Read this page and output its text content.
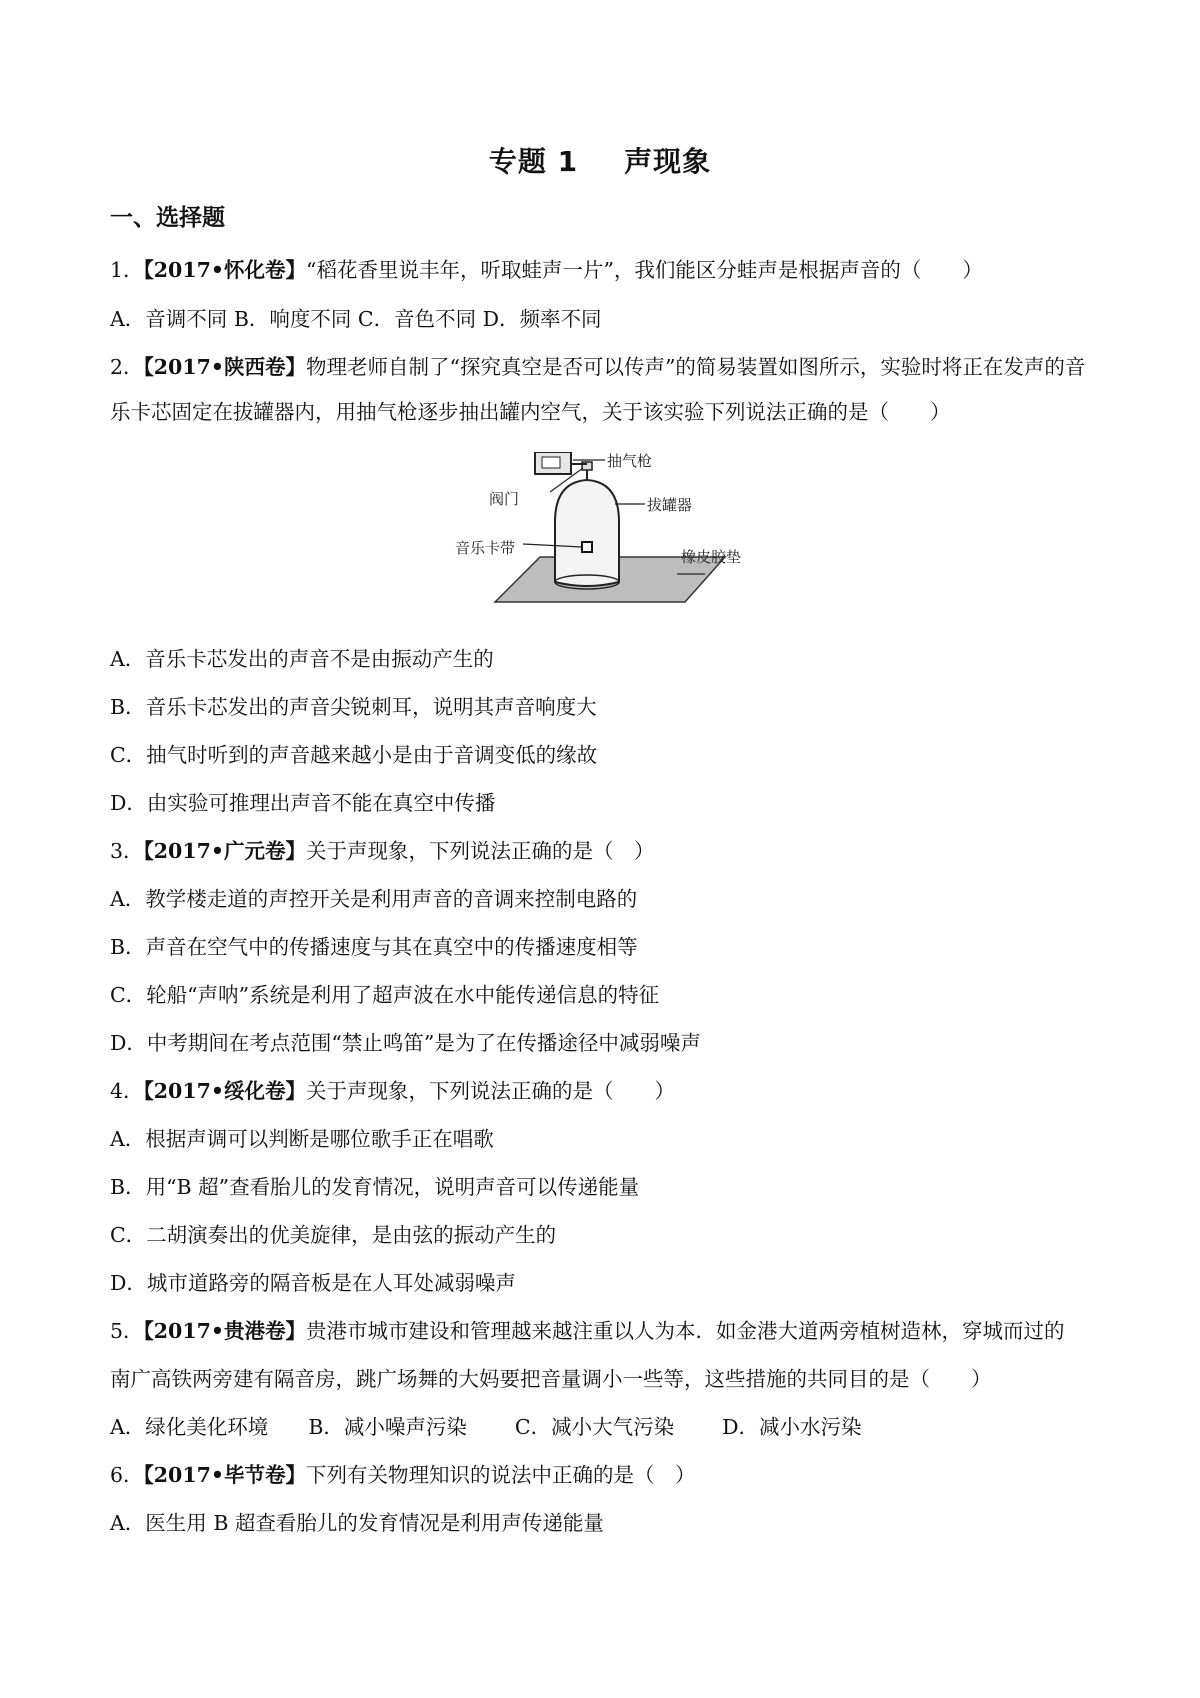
专题 1 声现象
一、选择题
1．【2017•怀化卷】“稻花香里说丰年，听取蛙声一片”，我们能区分蛙声是根据声音的（　　）
A．音调不同 B．响度不同 C．音色不同 D．频率不同
2．【2017•陕西卷】物理老师自制了“探究真空是否可以传声”的简易装置如图所示，实验时将正在发声的音
乐卡芯固定在拔罐器内，用抽气枪逐步抽出罐内空气，关于该实验下列说法正确的是（　　）
抽气枪
阀门	拔罐器
音乐卡带	橡皮胶垫
A．音乐卡芯发出的声音不是由振动产生的
B．音乐卡芯发出的声音尖锐刺耳，说明其声音响度大
C．抽气时听到的声音越来越小是由于音调变低的缘故
D．由实验可推理出声音不能在真空中传播
3．【2017•广元卷】关于声现象，下列说法正确的是（　）
A．教学楼走道的声控开关是利用声音的音调来控制电路的
B．声音在空气中的传播速度与其在真空中的传播速度相等
C．轮船“声呐”系统是利用了超声波在水中能传递信息的特征
D．中考期间在考点范围“禁止鸣笛”是为了在传播途径中减弱噪声
4．【2017•绥化卷】关于声现象，下列说法正确的是（　　）
A．根据声调可以判断是哪位歌手正在唱歌
B．用“B 超”查看胎儿的发育情况，说明声音可以传递能量
C．二胡演奏出的优美旋律，是由弦的振动产生的
D．城市道路旁的隔音板是在人耳处减弱噪声
5．【2017•贵港卷】贵港市城市建设和管理越来越注重以人为本．如金港大道两旁植树造林，穿城而过的
南广高铁两旁建有隔音房，跳广场舞的大妈要把音量调小一些等，这些措施的共同目的是（　　）
A．绿化美化环境 B．减小噪声污染 C．减小大气污染 D．减小水污染
6．【2017•毕节卷】下列有关物理知识的说法中正确的是（　）
A．医生用 B 超查看胎儿的发育情况是利用声传递能量
